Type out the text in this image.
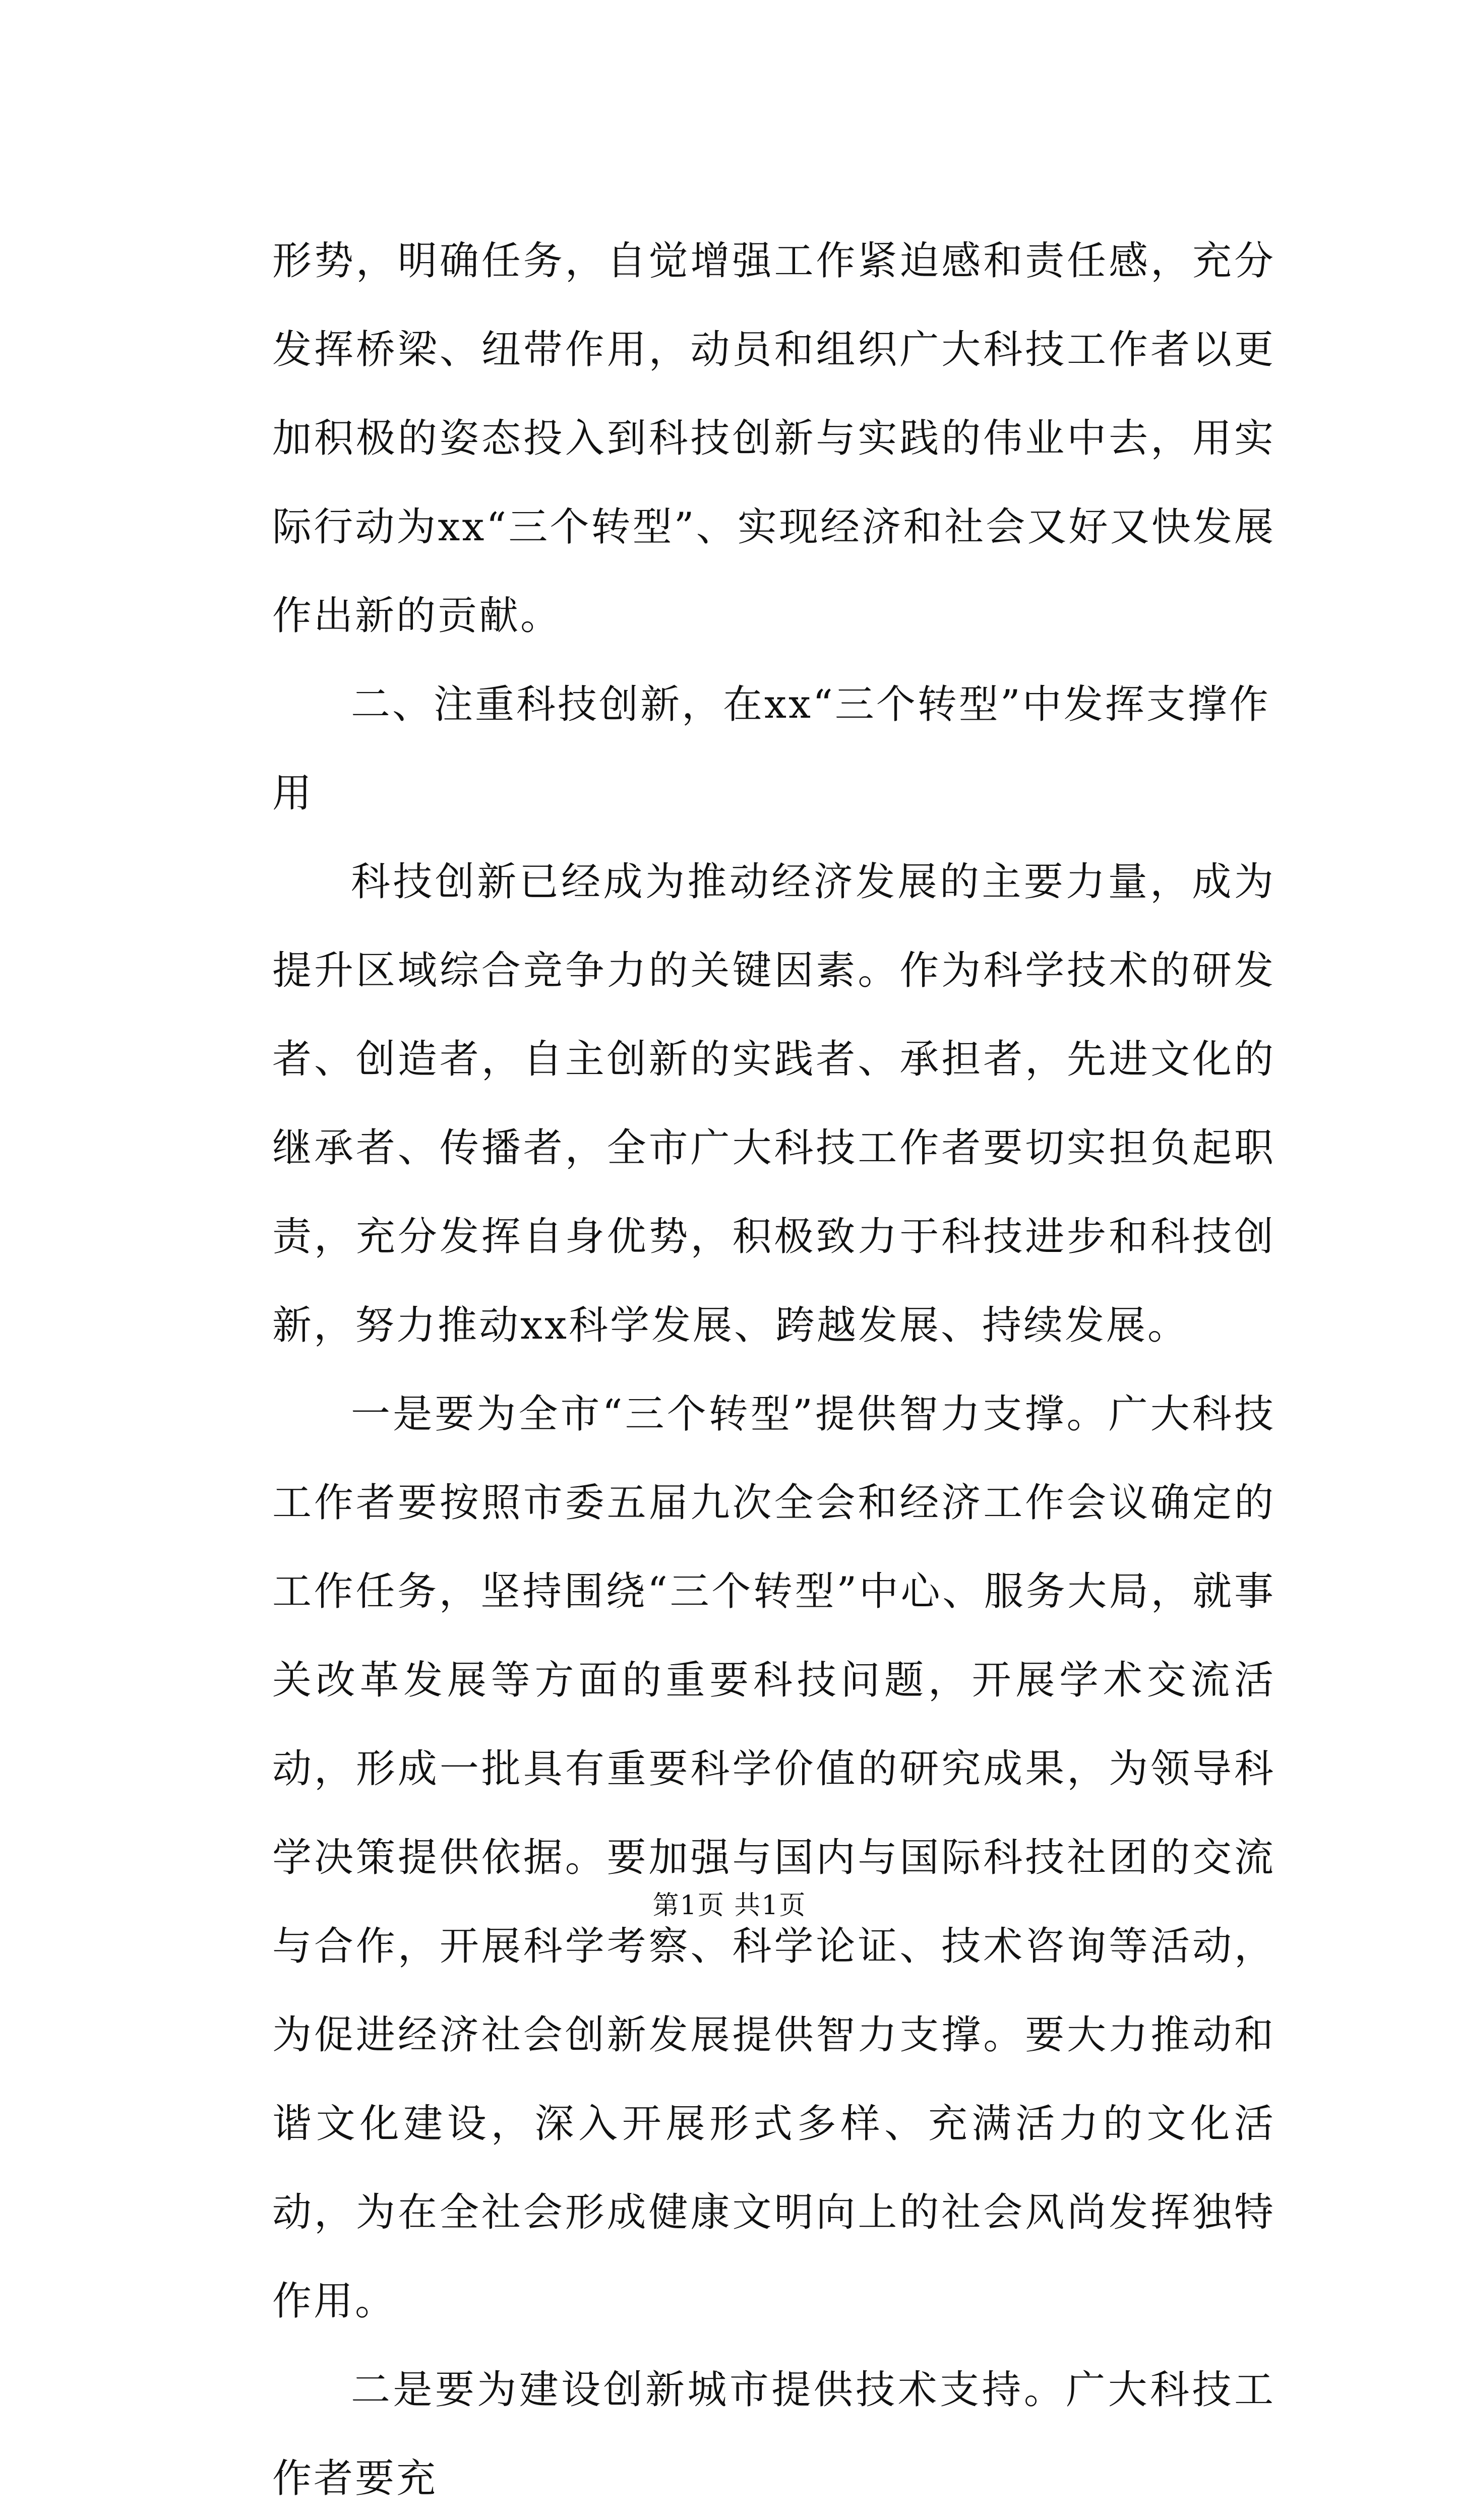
形势，明确任务，自觉增强工作紧迫感和责任感，充分发挥桥梁、纽带作用，动员和组织广大科技工作者以更加积极的姿态投入到科技创新与实践的伟业中去，用实际行动为xx“三个转型”、实现经济和社会又好又快发展作出新的贡献。

二、注重科技创新，在xx“三个转型”中发挥支撑作用

科技创新已经成为推动经济发展的主要力量，成为提升区域综合竞争力的关键因素。作为科学技术的研发者、创造者，自主创新的实践者、承担者，先进文化的继承者、传播者，全市广大科技工作者要切实担负起职责，充分发挥自身优势，积极致力于科技进步和科技创新，努力推动xx科学发展、跨越发展、持续发展。

一是要为全市“三个转型”提供智力支撑。广大科技工作者要按照市委五届九次全会和经济工作会议确定的工作任务，坚持围绕“三个转型”中心、服务大局，就事关改革发展等方面的重要科技问题，开展学术交流活动，形成一批具有重要科学价值的研究成果，为领导科学决策提供依据。要加强与国内与国际科技社团的交流与合作，开展科学考察、科学论证、技术咨询等活动，为促进经济社会创新发展提供智力支撑。要大力推动和谐文化建设，深入开展形式多样、充满活力的文化活动，为在全社会形成健康文明向上的社会风尚发挥独特作用。

二是要为建设创新城市提供技术支持。广大科技工作者要充

第1页 共1页
